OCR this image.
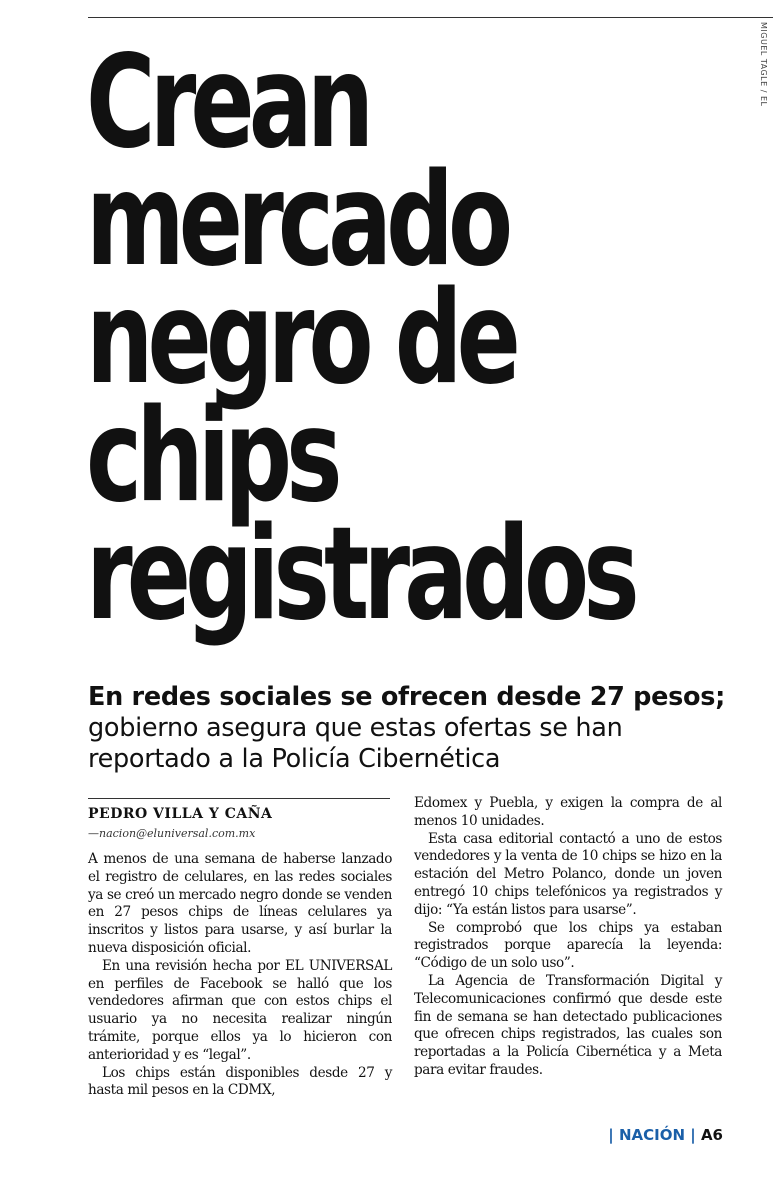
MIGUEL TAGLE / EL
Crean
mercado
negro de
chips
registrados
En redes sociales se ofrecen desde 27 pesos; gobierno asegura que estas ofertas se han reportado a la Policía Cibernética
PEDRO VILLA Y CAÑA
—nacion@eluniversal.com.mx

A menos de una semana de haberse lanzado el registro de celulares, en las redes sociales ya se creó un mercado negro donde se venden en 27 pesos chips de líneas celulares ya inscritos y listos para usarse, y así burlar la nueva disposición oficial.

En una revisión hecha por EL UNIVERSAL en perfiles de Facebook se halló que los vendedores afirman que con estos chips el usuario ya no necesita realizar ningún trámite, porque ellos ya lo hicieron con anterioridad y es “legal”.

Los chips están disponibles desde 27 y hasta mil pesos en la CDMX,

Edomex y Puebla, y exigen la compra de al menos 10 unidades.

Esta casa editorial contactó a uno de estos vendedores y la venta de 10 chips se hizo en la estación del Metro Polanco, donde un joven entregó 10 chips telefónicos ya registrados y dijo: “Ya están listos para usarse”.

Se comprobó que los chips ya estaban registrados porque aparecía la leyenda: “Código de un solo uso”.

La Agencia de Transformación Digital y Telecomunicaciones confirmó que desde este fin de semana se han detectado publicaciones que ofrecen chips registrados, las cuales son reportadas a la Policía Cibernética y a Meta para evitar fraudes.

| NACIÓN | A6
